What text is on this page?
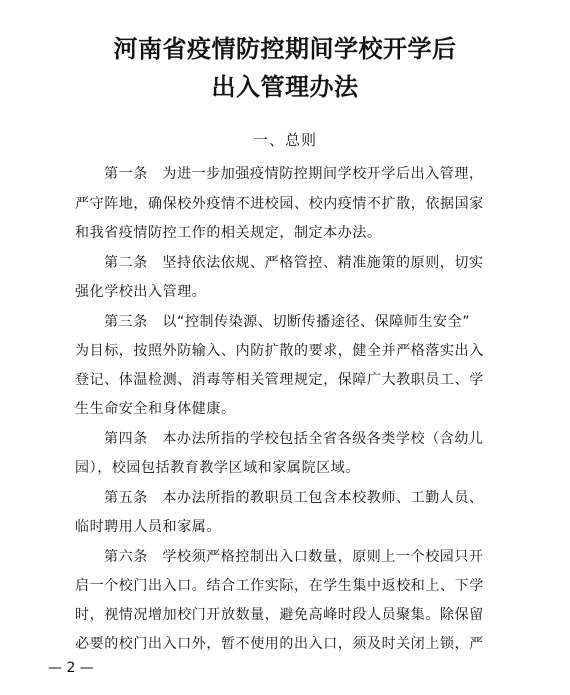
河南省疫情防控期间学校开学后
出入管理办法
一、总则
第一条　为进一步加强疫情防控期间学校开学后出入管理，
严守阵地，确保校外疫情不进校园、校内疫情不扩散，依据国家
和我省疫情防控工作的相关规定，制定本办法。
第二条　坚持依法依规、严格管控、精准施策的原则，切实
强化学校出入管理。
第三条　以“控制传染源、切断传播途径、保障师生安全”
为目标，按照外防输入、内防扩散的要求，健全并严格落实出入
登记、体温检测、消毒等相关管理规定，保障广大教职员工、学
生生命安全和身体健康。
第四条　本办法所指的学校包括全省各级各类学校（含幼儿
园），校园包括教育教学区域和家属院区域。
第五条　本办法所指的教职员工包含本校教师、工勤人员、
临时聘用人员和家属。
第六条　学校须严格控制出入口数量，原则上一个校园只开
启一个校门出入口。结合工作实际，在学生集中返校和上、下学
时，视情况增加校门开放数量，避免高峰时段人员聚集。除保留
必要的校门出入口外，暂不使用的出入口，须及时关闭上锁，严
— 2 —
